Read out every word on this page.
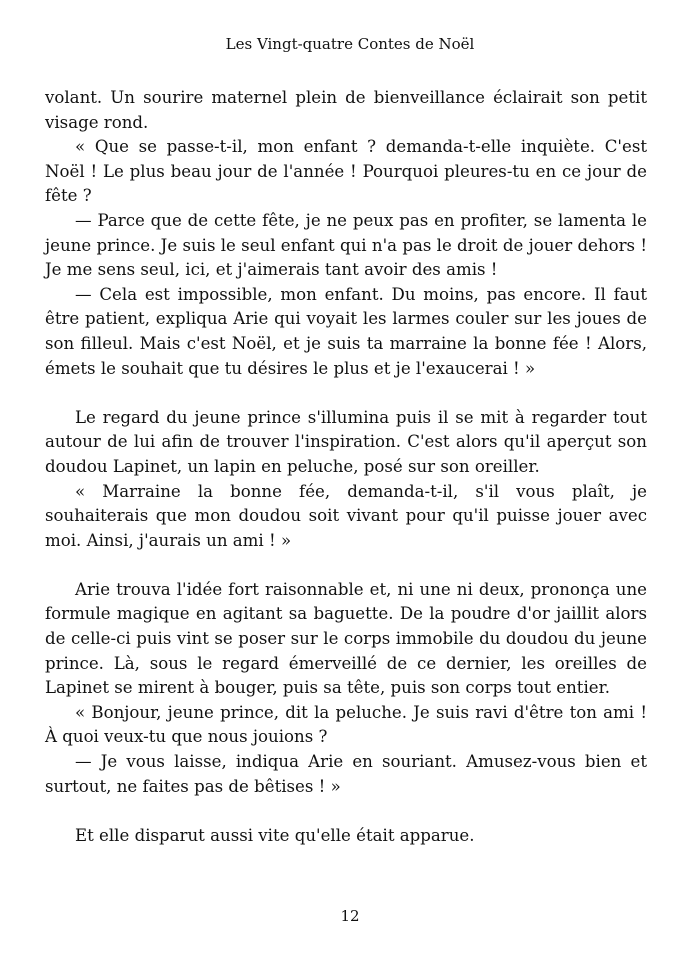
Les Vingt-quatre Contes de Noël

volant. Un sourire maternel plein de bienveillance éclairait son petit visage rond.

« Que se passe-t-il, mon enfant ? demanda-t-elle inquiète. C'est Noël ! Le plus beau jour de l'année ! Pourquoi pleures-tu en ce jour de fête ?

— Parce que de cette fête, je ne peux pas en profiter, se lamenta le jeune prince. Je suis le seul enfant qui n'a pas le droit de jouer dehors ! Je me sens seul, ici, et j'aimerais tant avoir des amis !

— Cela est impossible, mon enfant. Du moins, pas encore. Il faut être patient, expliqua Arie qui voyait les larmes couler sur les joues de son filleul. Mais c'est Noël, et je suis ta marraine la bonne fée ! Alors, émets le souhait que tu désires le plus et je l'exaucerai ! »

Le regard du jeune prince s'illumina puis il se mit à regarder tout autour de lui afin de trouver l'inspiration. C'est alors qu'il aperçut son doudou Lapinet, un lapin en peluche, posé sur son oreiller.

« Marraine la bonne fée, demanda-t-il, s'il vous plaît, je souhaiterais que mon doudou soit vivant pour qu'il puisse jouer avec moi. Ainsi, j'aurais un ami ! »

Arie trouva l'idée fort raisonnable et, ni une ni deux, prononça une formule magique en agitant sa baguette. De la poudre d'or jaillit alors de celle-ci puis vint se poser sur le corps immobile du doudou du jeune prince. Là, sous le regard émerveillé de ce dernier, les oreilles de Lapinet se mirent à bouger, puis sa tête, puis son corps tout entier.

« Bonjour, jeune prince, dit la peluche. Je suis ravi d'être ton ami ! À quoi veux-tu que nous jouions ?

— Je vous laisse, indiqua Arie en souriant. Amusez-vous bien et surtout, ne faites pas de bêtises ! »

Et elle disparut aussi vite qu'elle était apparue.

12
